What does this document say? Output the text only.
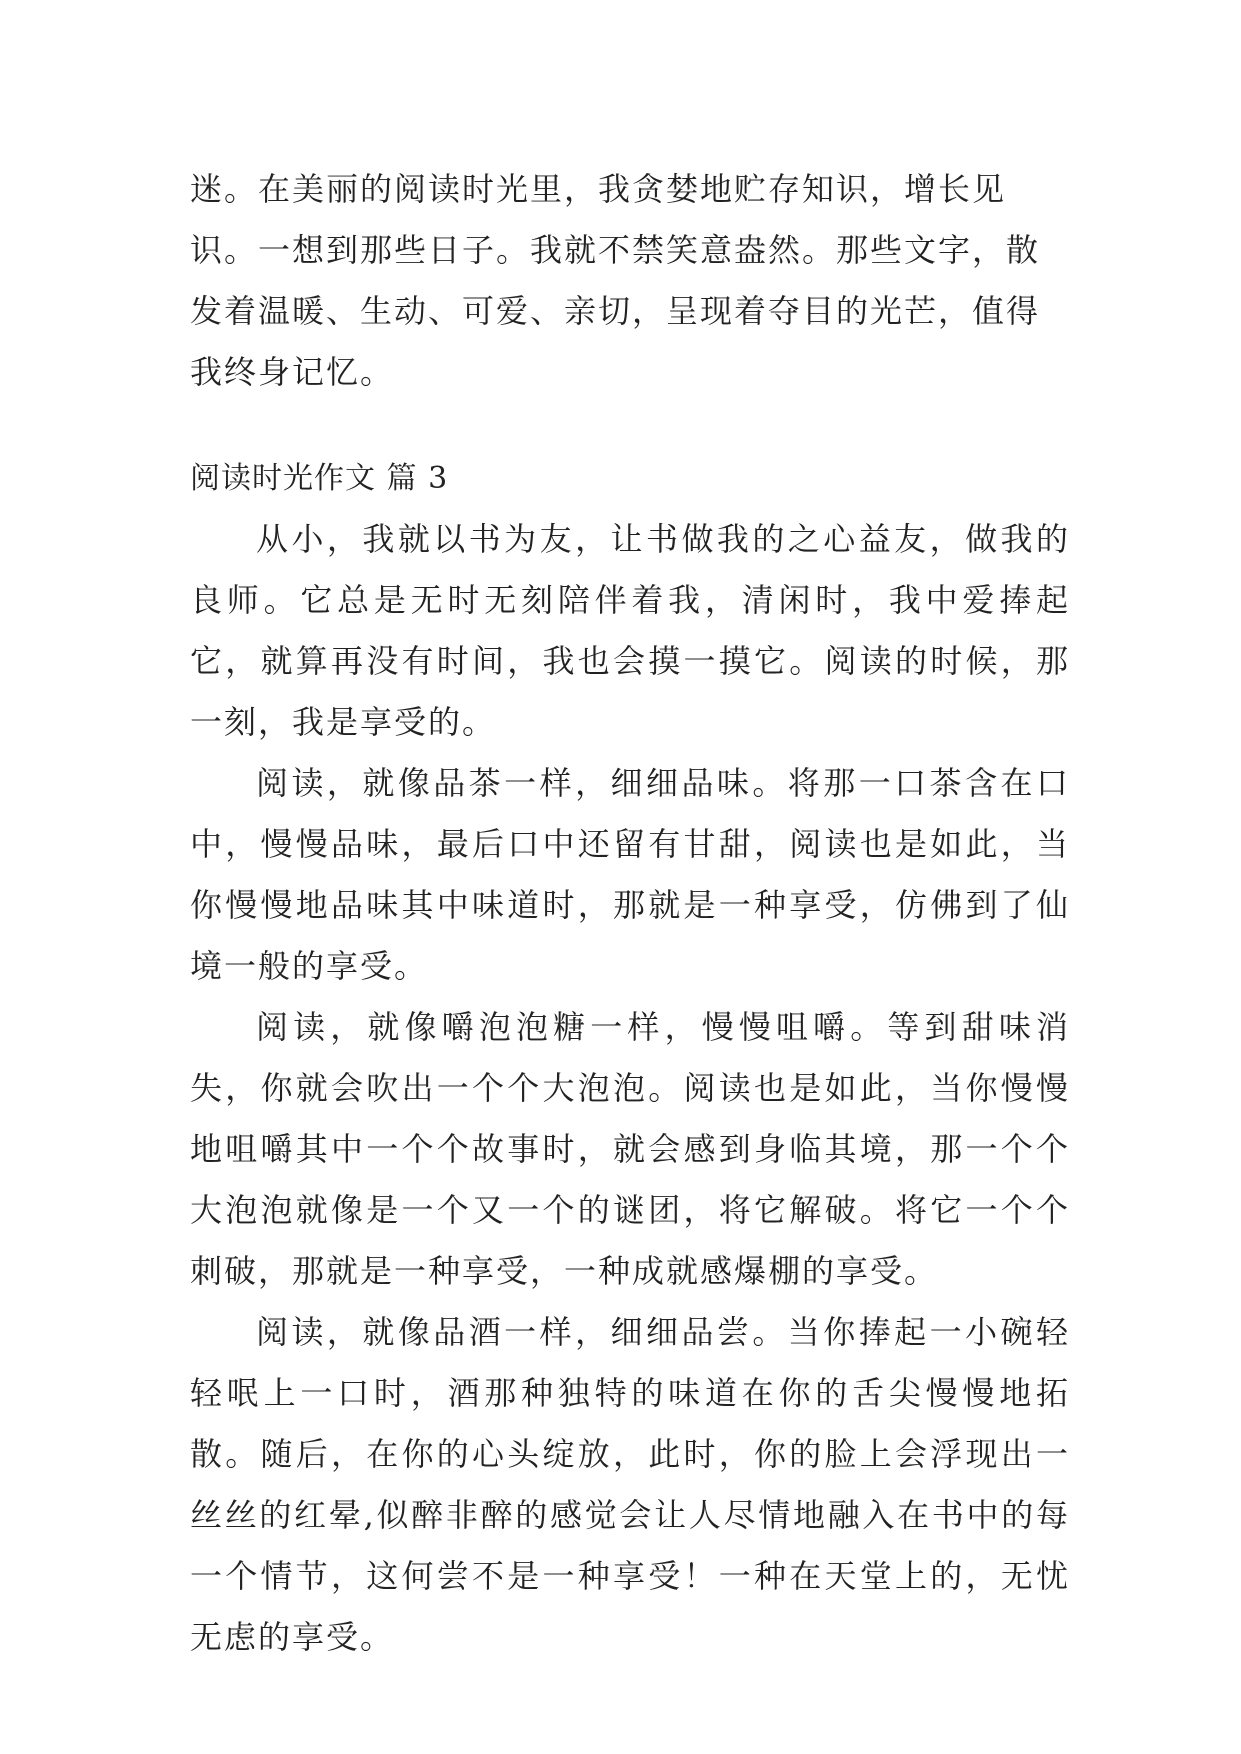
迷。在美丽的阅读时光里，我贪婪地贮存知识，增长见识。一想到那些日子。我就不禁笑意盎然。那些文字，散发着温暖、生动、可爱、亲切，呈现着夺目的光芒，值得我终身记忆。

阅读时光作文 篇 3

从小，我就以书为友，让书做我的之心益友，做我的良师。它总是无时无刻陪伴着我，清闲时，我中爱捧起它，就算再没有时间，我也会摸一摸它。阅读的时候，那一刻，我是享受的。

阅读，就像品茶一样，细细品味。将那一口茶含在口中，慢慢品味，最后口中还留有甘甜，阅读也是如此，当你慢慢地品味其中味道时，那就是一种享受，仿佛到了仙境一般的享受。

阅读，就像嚼泡泡糖一样，慢慢咀嚼。等到甜味消失，你就会吹出一个个大泡泡。阅读也是如此，当你慢慢地咀嚼其中一个个故事时，就会感到身临其境，那一个个大泡泡就像是一个又一个的谜团，将它解破。将它一个个刺破，那就是一种享受，一种成就感爆棚的享受。

阅读，就像品酒一样，细细品尝。当你捧起一小碗轻轻呡上一口时，酒那种独特的味道在你的舌尖慢慢地拓散。随后，在你的心头绽放，此时，你的脸上会浮现出一丝丝的红晕,似醉非醉的感觉会让人尽情地融入在书中的每一个情节，这何尝不是一种享受！一种在天堂上的，无忧无虑的享受。
